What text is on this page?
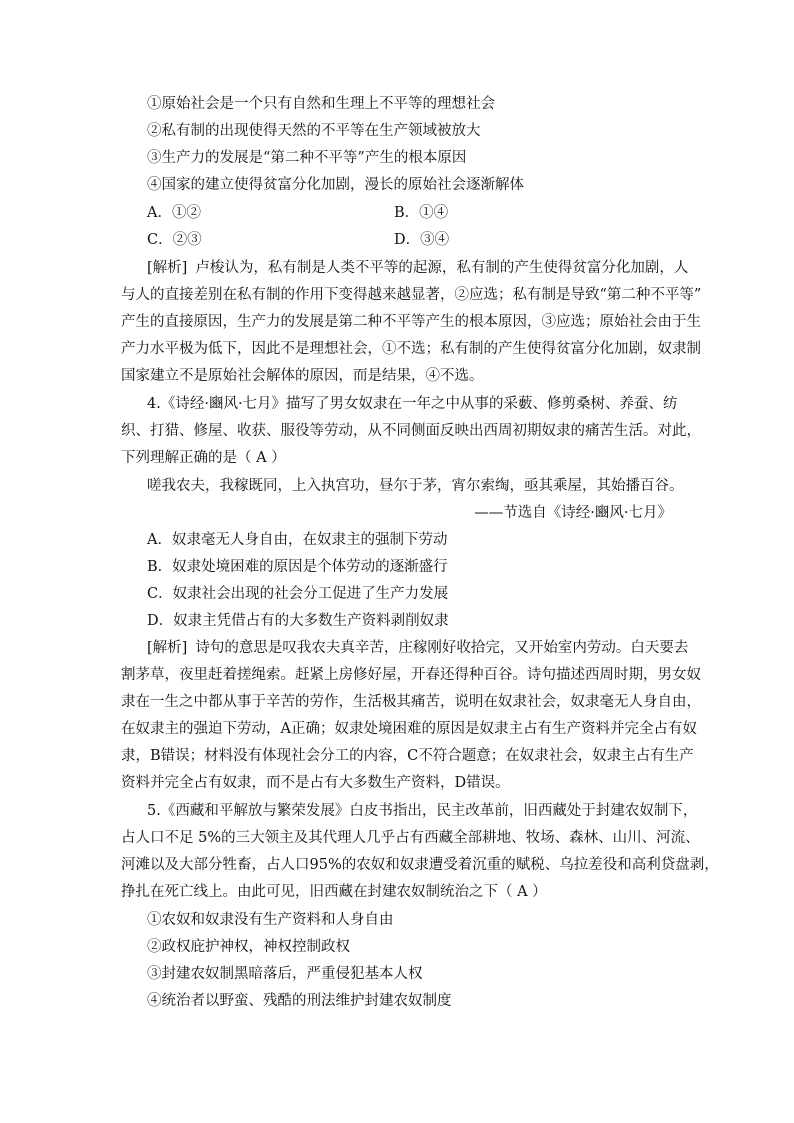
①原始社会是一个只有自然和生理上不平等的理想社会
②私有制的出现使得天然的不平等在生产领域被放大
③生产力的发展是“第二种不平等”产生的根本原因
④国家的建立使得贫富分化加剧，漫长的原始社会逐渐解体
A．①②	B．①④
C．②③	D．③④
[解析] 卢梭认为，私有制是人类不平等的起源，私有制的产生使得贫富分化加剧，人
与人的直接差别在私有制的作用下变得越来越显著，②应选；私有制是导致“第二种不平等”
产生的直接原因，生产力的发展是第二种不平等产生的根本原因，③应选；原始社会由于生
产力水平极为低下，因此不是理想社会，①不选；私有制的产生使得贫富分化加剧，奴隶制
国家建立不是原始社会解体的原因，而是结果，④不选。
4.《诗经·豳风·七月》描写了男女奴隶在一年之中从事的采藪、修剪桑树、养蚕、纺
织、打猎、修屋、收获、服役等劳动，从不同侧面反映出西周初期奴隶的痛苦生活。对此，
下列理解正确的是（ A ）
嗟我农夫，我稼既同，上入执宫功，昼尔于茅，宵尔索绹，亟其乘屋，其始播百谷。
——节选自《诗经·豳风·七月》
A．奴隶毫无人身自由，在奴隶主的强制下劳动
B．奴隶处境困难的原因是个体劳动的逐渐盛行
C．奴隶社会出现的社会分工促进了生产力发展
D．奴隶主凭借占有的大多数生产资料剥削奴隶
[解析] 诗句的意思是叹我农夫真辛苦，庄稼刚好收拾完，又开始室内劳动。白天要去
割茅草，夜里赶着搓绳索。赶紧上房修好屋，开春还得种百谷。诗句描述西周时期，男女奴
隶在一生之中都从事于辛苦的劳作，生活极其痛苦，说明在奴隶社会，奴隶毫无人身自由，
在奴隶主的强迫下劳动，A正确；奴隶处境困难的原因是奴隶主占有生产资料并完全占有奴
隶，B错误；材料没有体现社会分工的内容，C不符合题意；在奴隶社会，奴隶主占有生产
资料并完全占有奴隶，而不是占有大多数生产资料，D错误。
5.《西藏和平解放与繁荣发展》白皮书指出，民主改革前，旧西藏处于封建农奴制下，
占人口不足 5%的三大领主及其代理人几乎占有西藏全部耕地、牧场、森林、山川、河流、
河滩以及大部分牲畜，占人口95%的农奴和奴隶遭受着沉重的赋税、乌拉差役和高利贷盘剥，
挣扎在死亡线上。由此可见，旧西藏在封建农奴制统治之下（ A ）
①农奴和奴隶没有生产资料和人身自由
②政权庇护神权，神权控制政权
③封建农奴制黑暗落后，严重侵犯基本人权
④统治者以野蛮、残酷的刑法维护封建农奴制度
